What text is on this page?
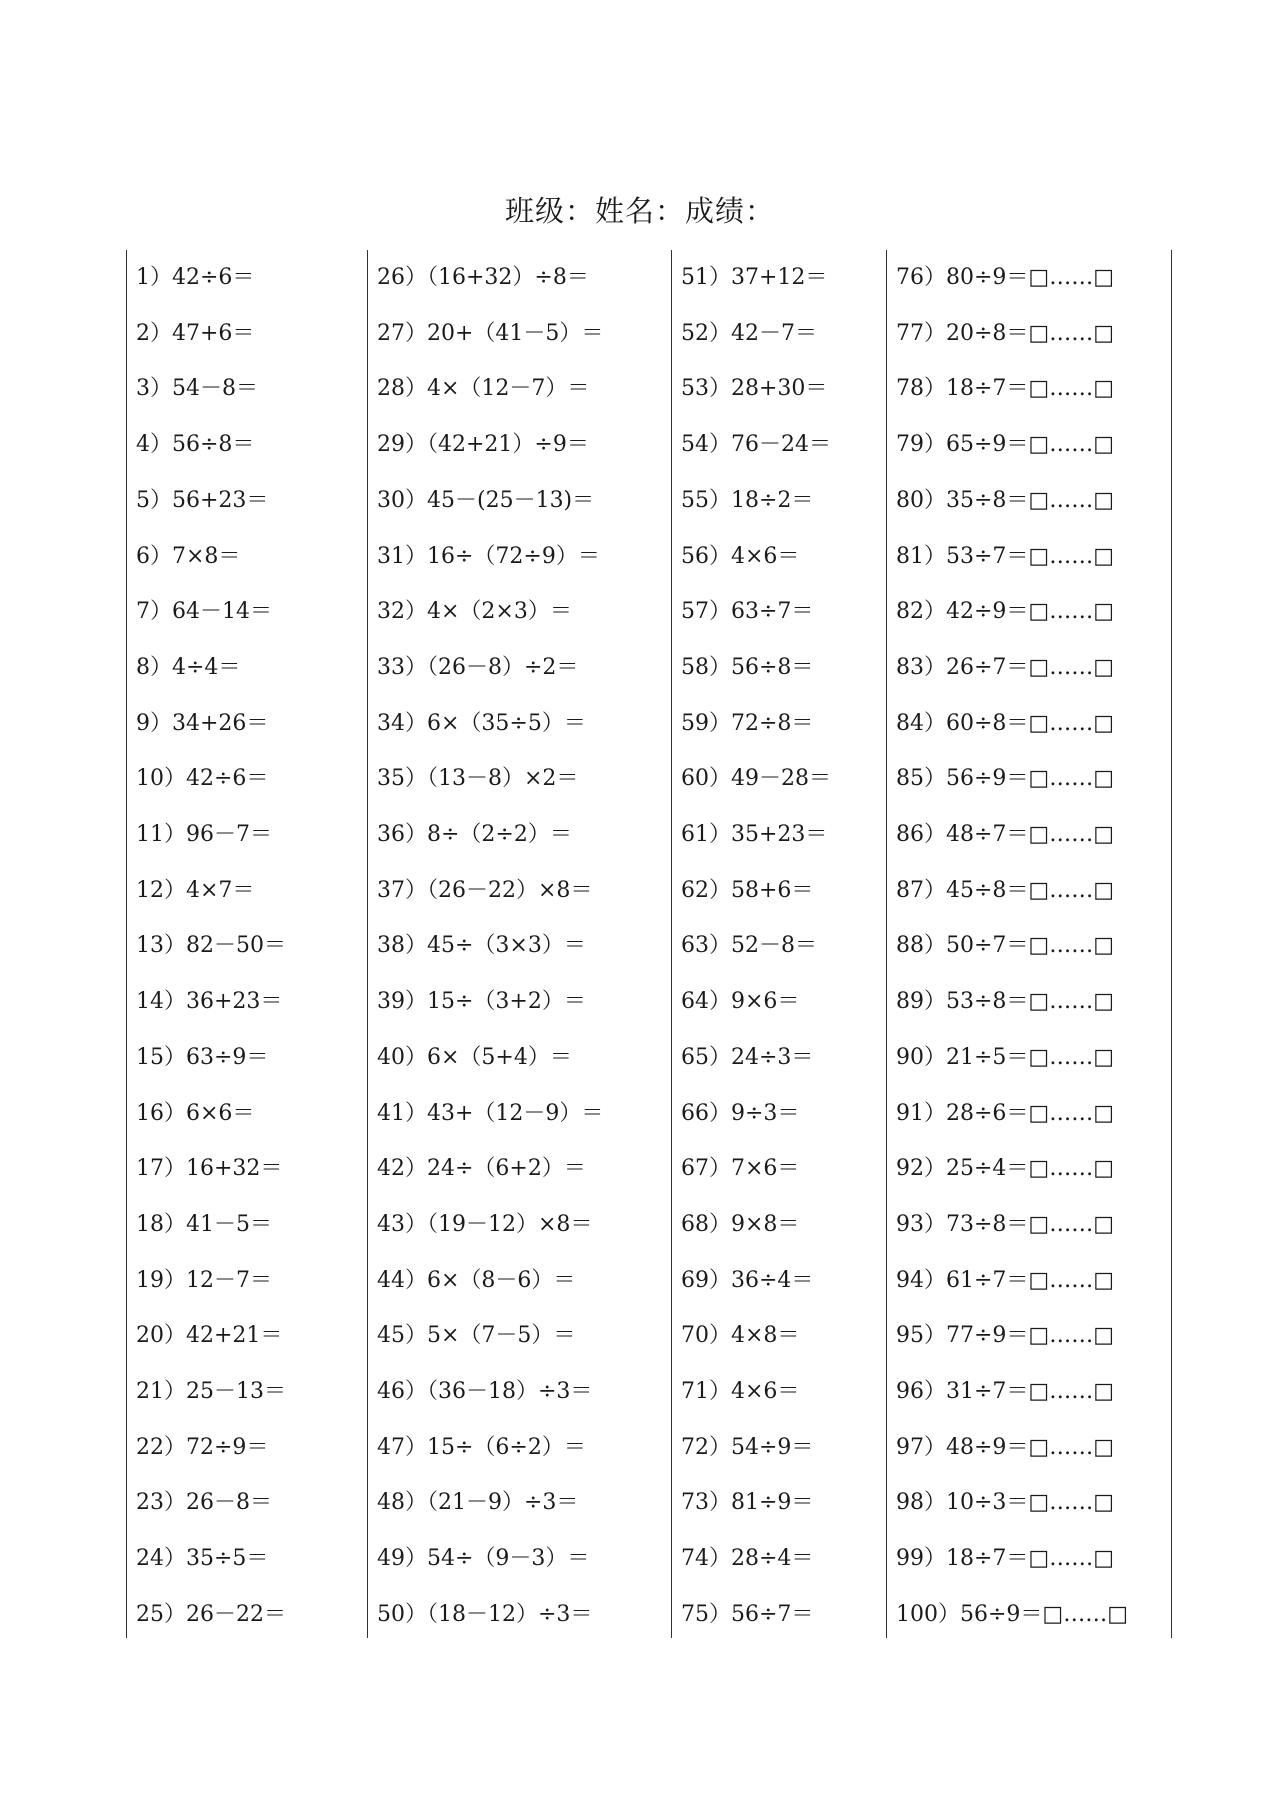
班级：姓名：成绩：
1）42÷6＝
2）47+6＝
3）54－8＝
4）56÷8＝
5）56+23＝
6）7×8＝
7）64－14＝
8）4÷4＝
9）34+26＝
10）42÷6＝
11）96－7＝
12）4×7＝
13）82－50＝
14）36+23＝
15）63÷9＝
16）6×6＝
17）16+32＝
18）41－5＝
19）12－7＝
20）42+21＝
21）25－13＝
22）72÷9＝
23）26－8＝
24）35÷5＝
25）26－22＝
26）（16+32）÷8＝
27）20+（41－5）＝
28）4×（12－7）＝
29）（42+21）÷9＝
30）45－(25－13)＝
31）16÷（72÷9）＝
32）4×（2×3）＝
33）（26－8）÷2＝
34）6×（35÷5）＝
35）（13－8）×2＝
36）8÷（2÷2）＝
37）（26－22）×8＝
38）45÷（3×3）＝
39）15÷（3+2）＝
40）6×（5+4）＝
41）43+（12－9）＝
42）24÷（6+2）＝
43）（19－12）×8＝
44）6×（8－6）＝
45）5×（7－5）＝
46）（36－18）÷3＝
47）15÷（6÷2）＝
48）（21－9）÷3＝
49）54÷（9－3）＝
50）（18－12）÷3＝
51）37+12＝
52）42－7＝
53）28+30＝
54）76－24＝
55）18÷2＝
56）4×6＝
57）63÷7＝
58）56÷8＝
59）72÷8＝
60）49－28＝
61）35+23＝
62）58+6＝
63）52－8＝
64）9×6＝
65）24÷3＝
66）9÷3＝
67）7×6＝
68）9×8＝
69）36÷4＝
70）4×8＝
71）4×6＝
72）54÷9＝
73）81÷9＝
74）28÷4＝
75）56÷7＝
76）80÷9＝□……□
77）20÷8＝□……□
78）18÷7＝□……□
79）65÷9＝□……□
80）35÷8＝□……□
81）53÷7＝□……□
82）42÷9＝□……□
83）26÷7＝□……□
84）60÷8＝□……□
85）56÷9＝□……□
86）48÷7＝□……□
87）45÷8＝□……□
88）50÷7＝□……□
89）53÷8＝□……□
90）21÷5＝□……□
91）28÷6＝□……□
92）25÷4＝□……□
93）73÷8＝□……□
94）61÷7＝□……□
95）77÷9＝□……□
96）31÷7＝□……□
97）48÷9＝□……□
98）10÷3＝□……□
99）18÷7＝□……□
100）56÷9＝□……□
